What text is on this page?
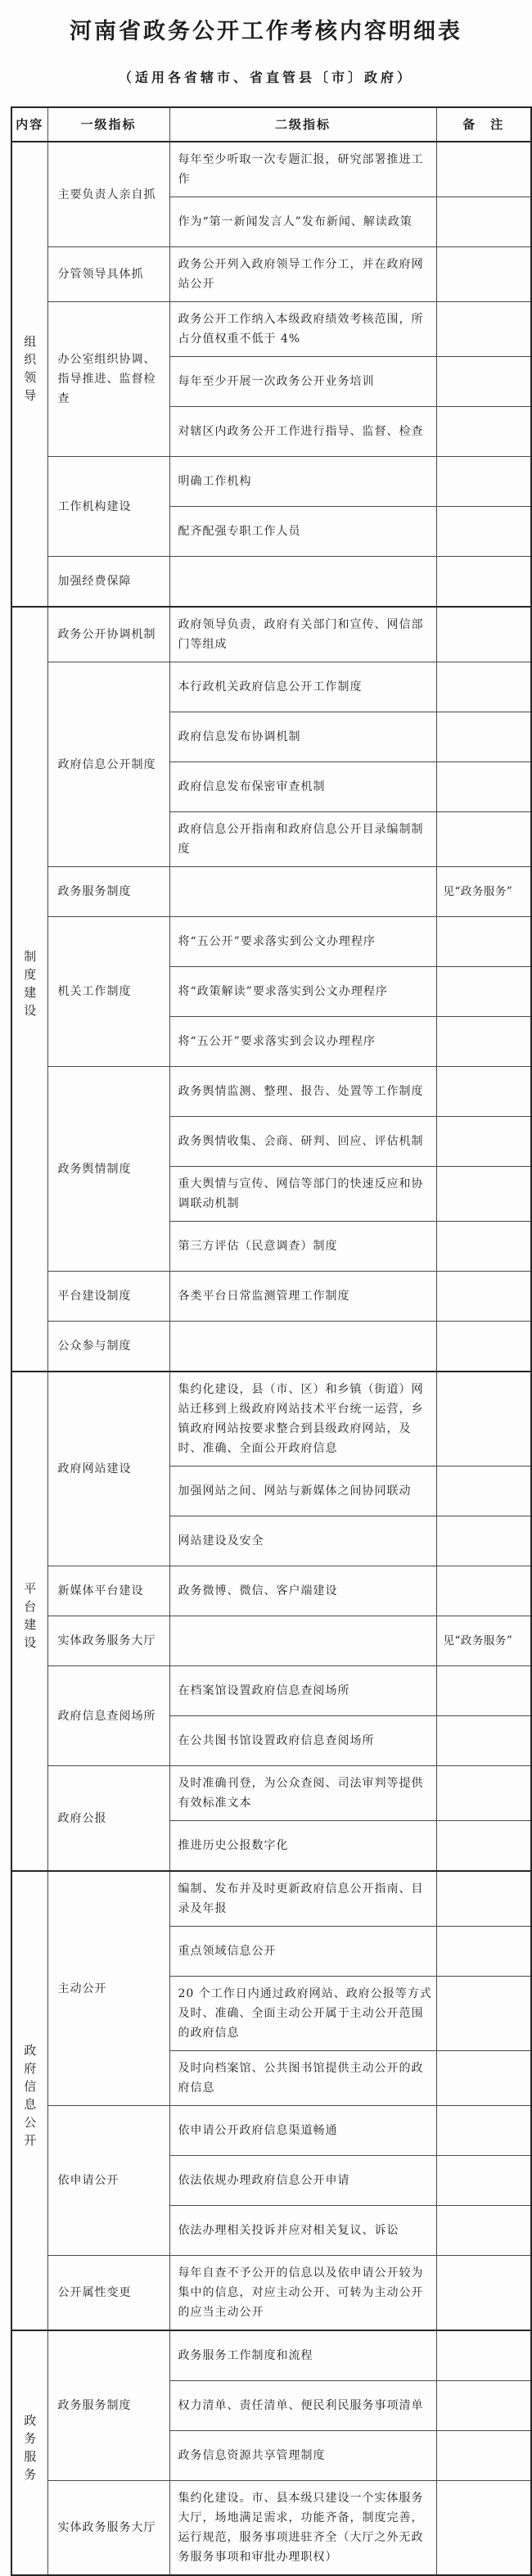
河南省政务公开工作考核内容明细表
（适用各省辖市、省直管县〔市〕政府）
内容	一级指标	二级指标	备　注
组织领导	主要负责人亲自抓	每年至少听取一次专题汇报，研究部署推进工作	
		作为“第一新闻发言人”发布新闻、解读政策	
	分管领导具体抓	政务公开列入政府领导工作分工，并在政府网站公开	
	办公室组织协调、指导推进、监督检查	政务公开工作纳入本级政府绩效考核范围，所占分值权重不低于 4%	
		每年至少开展一次政务公开业务培训	
		对辖区内政务公开工作进行指导、监督、检查	
	工作机构建设	明确工作机构	
		配齐配强专职工作人员	
	加强经费保障		
制度建设	政务公开协调机制	政府领导负责，政府有关部门和宣传、网信部门等组成	
	政府信息公开制度	本行政机关政府信息公开工作制度	
		政府信息发布协调机制	
		政府信息发布保密审查机制	
		政府信息公开指南和政府信息公开目录编制制度	
	政务服务制度		见“政务服务”
	机关工作制度	将“五公开”要求落实到公文办理程序	
		将“政策解读”要求落实到公文办理程序	
		将“五公开”要求落实到会议办理程序	
	政务舆情制度	政务舆情监测、整理、报告、处置等工作制度	
		政务舆情收集、会商、研判、回应、评估机制	
		重大舆情与宣传、网信等部门的快速反应和协调联动机制	
		第三方评估（民意调查）制度	
	平台建设制度	各类平台日常监测管理工作制度	
	公众参与制度		
平台建设	政府网站建设	集约化建设，县（市、区）和乡镇（街道）网站迁移到上级政府网站技术平台统一运营，乡镇政府网站按要求整合到县级政府网站，及时、准确、全面公开政府信息	
		加强网站之间、网站与新媒体之间协同联动	
		网站建设及安全	
	新媒体平台建设	政务微博、微信、客户端建设	
	实体政务服务大厅		见“政务服务”
	政府信息查阅场所	在档案馆设置政府信息查阅场所	
		在公共图书馆设置政府信息查阅场所	
	政府公报	及时准确刊登，为公众查阅、司法审判等提供有效标准文本	
		推进历史公报数字化	
政府信息公开	主动公开	编制、发布并及时更新政府信息公开指南、目录及年报	
		重点领域信息公开	
		20 个工作日内通过政府网站、政府公报等方式及时、准确、全面主动公开属于主动公开范围的政府信息	
		及时向档案馆、公共图书馆提供主动公开的政府信息	
	依申请公开	依申请公开政府信息渠道畅通	
		依法依规办理政府信息公开申请	
		依法办理相关投诉并应对相关复议、诉讼	
	公开属性变更	每年自查不予公开的信息以及依申请公开较为集中的信息，对应主动公开、可转为主动公开的应当主动公开	
政务服务	政务服务制度	政务服务工作制度和流程	
		权力清单、责任清单、便民利民服务事项清单	
		政务信息资源共享管理制度	
	实体政务服务大厅	集约化建设。市、县本级只建设一个实体服务大厅，场地满足需求，功能齐备，制度完善，运行规范，服务事项进驻齐全（大厅之外无政务服务事项和审批办理职权）	
